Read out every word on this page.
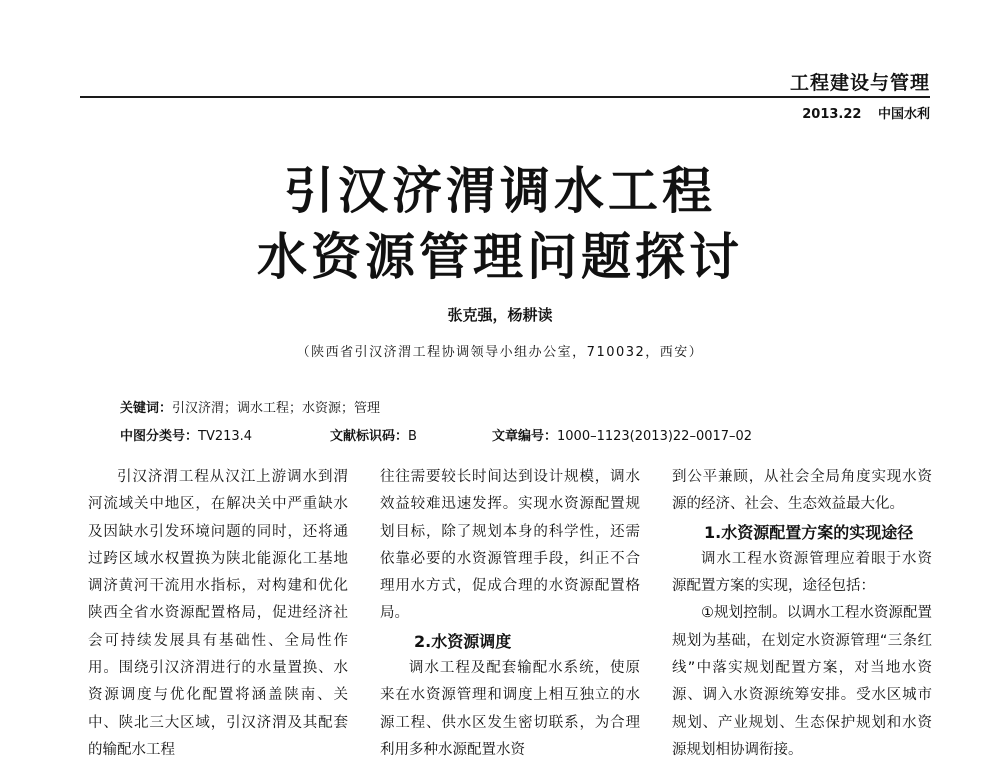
工程建设与管理
2013.22 中国水利
引汉济渭调水工程
水资源管理问题探讨
张克强，杨耕读
（陕西省引汉济渭工程协调领导小组办公室，710032，西安）
关键词：引汉济渭；调水工程；水资源；管理
中图分类号：TV213.4	文献标识码：B	文章编号：1000–1123(2013)22–0017–02

引汉济渭工程从汉江上游调水到渭河流域关中地区，在解决关中严重缺水及因缺水引发环境问题的同时，还将通过跨区域水权置换为陕北能源化工基地调济黄河干流用水指标，对构建和优化陕西全省水资源配置格局，促进经济社会可持续发展具有基础性、全局性作用。围绕引汉济渭进行的水量置换、水资源调度与优化配置将涵盖陕南、关中、陕北三大区域，引汉济渭及其配套的输配水工程

往往需要较长时间达到设计规模，调水效益较难迅速发挥。实现水资源配置规划目标，除了规划本身的科学性，还需依靠必要的水资源管理手段，纠正不合理用水方式，促成合理的水资源配置格局。

2.水资源调度

调水工程及配套输配水系统，使原来在水资源管理和调度上相互独立的水源工程、供水区发生密切联系，为合理利用多种水源配置水资

到公平兼顾，从社会全局角度实现水资源的经济、社会、生态效益最大化。

1.水资源配置方案的实现途径

调水工程水资源管理应着眼于水资源配置方案的实现，途径包括：

①规划控制。以调水工程水资源配置规划为基础，在划定水资源管理“三条红线”中落实规划配置方案，对当地水资源、调入水资源统筹安排。受水区城市规划、产业规划、生态保护规划和水资源规划相协调衔接。
